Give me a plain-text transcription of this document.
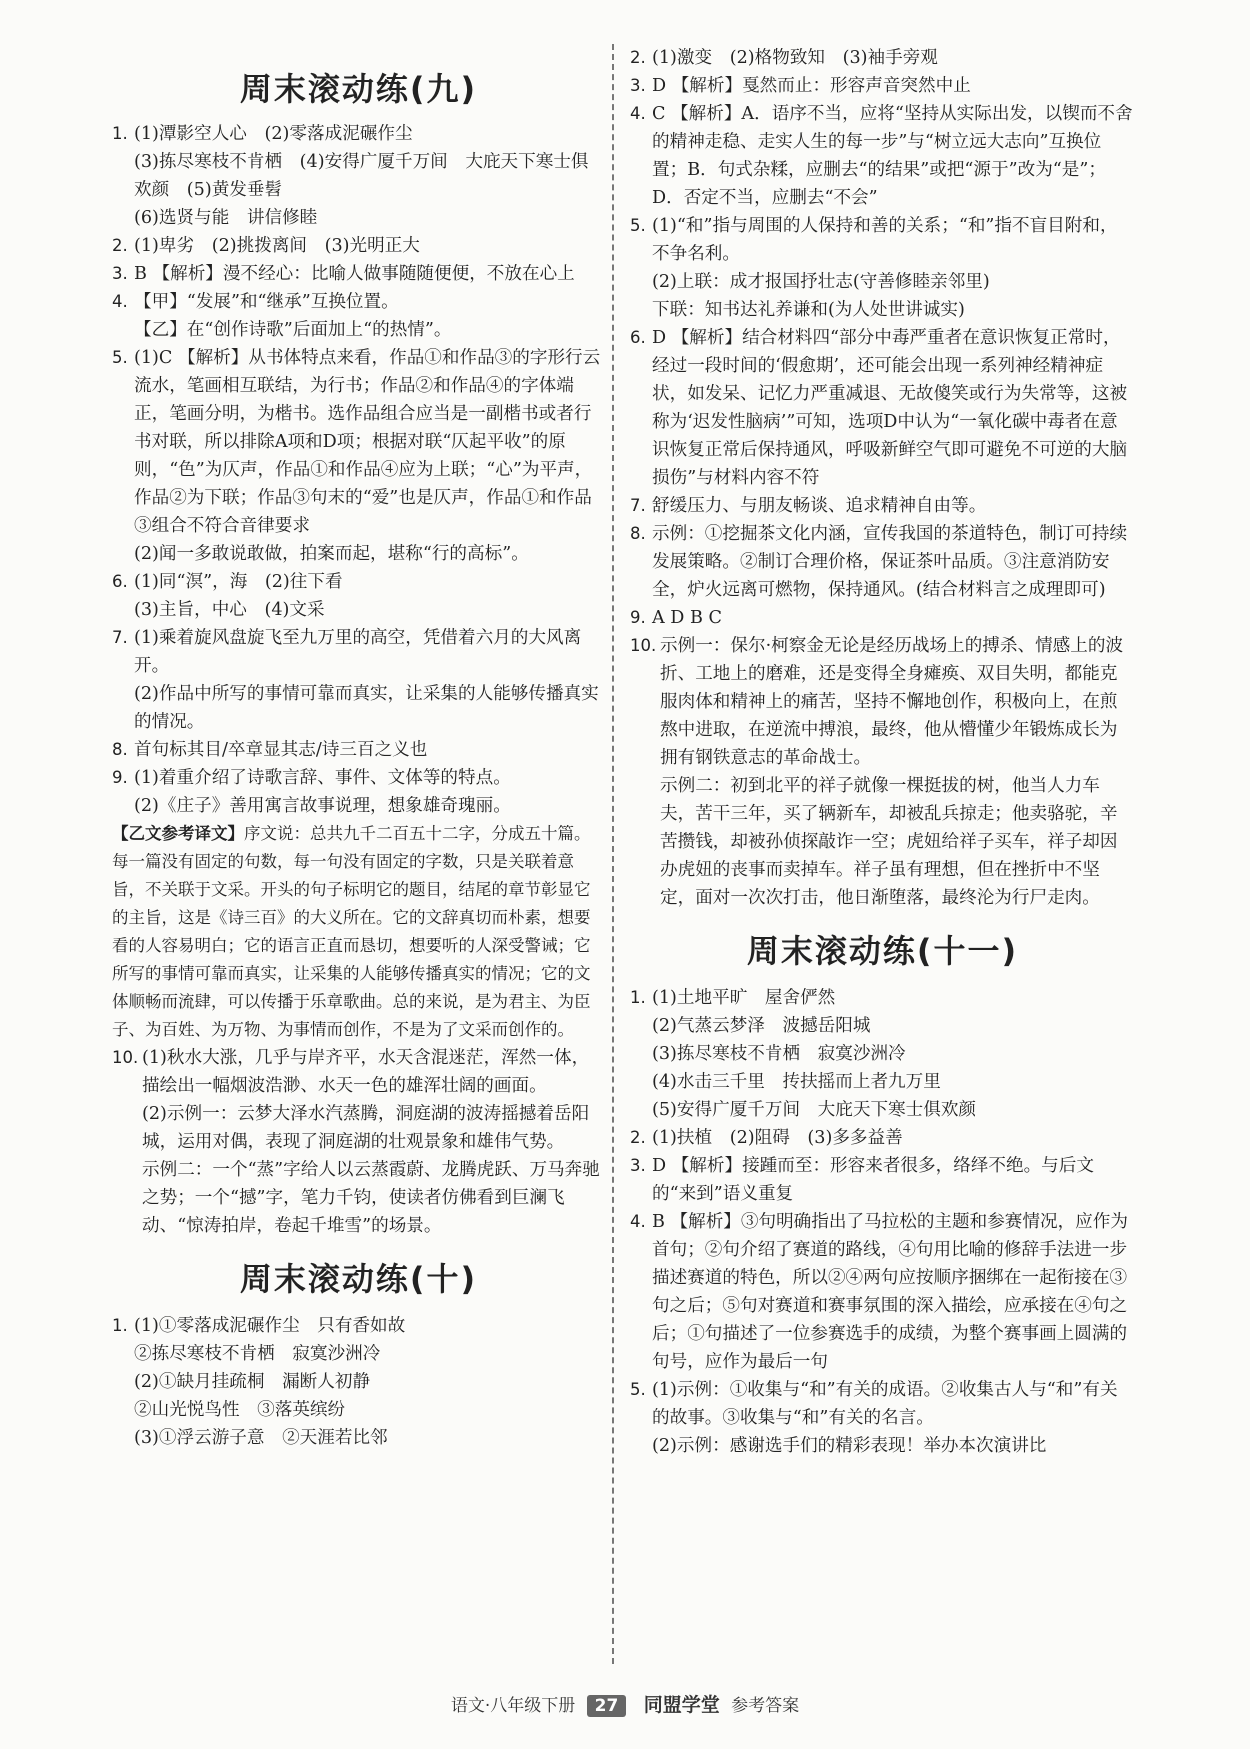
周末滚动练(九)
1. (1)潭影空人心　(2)零落成泥碾作尘
(3)拣尽寒枝不肯栖　(4)安得广厦千万间　大庇天下寒士俱欢颜　(5)黄发垂髫
(6)选贤与能　讲信修睦
2. (1)卑劣　(2)挑拨离间　(3)光明正大
3. B 【解析】漫不经心：比喻人做事随随便便，不放在心上
4. 【甲】“发展”和“继承”互换位置。
【乙】在“创作诗歌”后面加上“的热情”。
5. (1)C 【解析】从书体特点来看，作品①和作品③的字形行云流水，笔画相互联结，为行书；作品②和作品④的字体端正，笔画分明，为楷书。选作品组合应当是一副楷书或者行书对联，所以排除A项和D项；根据对联“仄起平收”的原则，“色”为仄声，作品①和作品④应为上联；“心”为平声，作品②为下联；作品③句末的“爱”也是仄声，作品①和作品③组合不符合音律要求
(2)闻一多敢说敢做，拍案而起，堪称“行的高标”。
6. (1)同“溟”，海　(2)往下看
(3)主旨，中心　(4)文采
7. (1)乘着旋风盘旋飞至九万里的高空，凭借着六月的大风离开。
(2)作品中所写的事情可靠而真实，让采集的人能够传播真实的情况。
8. 首句标其目/卒章显其志/诗三百之义也
9. (1)着重介绍了诗歌言辞、事件、文体等的特点。
(2)《庄子》善用寓言故事说理，想象雄奇瑰丽。

【乙文参考译文】序文说：总共九千二百五十二字，分成五十篇。每一篇没有固定的句数，每一句没有固定的字数，只是关联着意旨，不关联于文采。开头的句子标明它的题目，结尾的章节彰显它的主旨，这是《诗三百》的大义所在。它的文辞真切而朴素，想要看的人容易明白；它的语言正直而恳切，想要听的人深受警诫；它所写的事情可靠而真实，让采集的人能够传播真实的情况；它的文体顺畅而流肆，可以传播于乐章歌曲。总的来说，是为君主、为臣子、为百姓、为万物、为事情而创作，不是为了文采而创作的。

10. (1)秋水大涨，几乎与岸齐平，水天含混迷茫，浑然一体，描绘出一幅烟波浩渺、水天一色的雄浑壮阔的画面。
(2)示例一：云梦大泽水汽蒸腾，洞庭湖的波涛摇撼着岳阳城，运用对偶，表现了洞庭湖的壮观景象和雄伟气势。
示例二：一个“蒸”字给人以云蒸霞蔚、龙腾虎跃、万马奔驰之势；一个“撼”字，笔力千钧，使读者仿佛看到巨澜飞动、“惊涛拍岸，卷起千堆雪”的场景。
周末滚动练(十)
1. (1)①零落成泥碾作尘　只有香如故
②拣尽寒枝不肯栖　寂寞沙洲冷
(2)①缺月挂疏桐　漏断人初静
②山光悦鸟性　③落英缤纷
(3)①浮云游子意　②天涯若比邻
2. (1)激变　(2)格物致知　(3)袖手旁观
3. D 【解析】戛然而止：形容声音突然中止
4. C 【解析】A．语序不当，应将“坚持从实际出发，以锲而不舍的精神走稳、走实人生的每一步”与“树立远大志向”互换位置；B．句式杂糅，应删去“的结果”或把“源于”改为“是”；D．否定不当，应删去“不会”
5. (1)“和”指与周围的人保持和善的关系；“和”指不盲目附和，不争名利。
(2)上联：成才报国抒壮志(守善修睦亲邻里)
下联：知书达礼养谦和(为人处世讲诚实)
6. D 【解析】结合材料四“部分中毒严重者在意识恢复正常时，经过一段时间的‘假愈期’，还可能会出现一系列神经精神症状，如发呆、记忆力严重减退、无故傻笑或行为失常等，这被称为‘迟发性脑病’”可知，选项D中认为“一氧化碳中毒者在意识恢复正常后保持通风，呼吸新鲜空气即可避免不可逆的大脑损伤”与材料内容不符
7. 舒缓压力、与朋友畅谈、追求精神自由等。
8. 示例：①挖掘茶文化内涵，宣传我国的茶道特色，制订可持续发展策略。②制订合理价格，保证茶叶品质。③注意消防安全，炉火远离可燃物，保持通风。(结合材料言之成理即可)
9. A D B C
10. 示例一：保尔·柯察金无论是经历战场上的搏杀、情感上的波折、工地上的磨难，还是变得全身瘫痪、双目失明，都能克服肉体和精神上的痛苦，坚持不懈地创作，积极向上，在煎熬中进取，在逆流中搏浪，最终，他从懵懂少年锻炼成长为拥有钢铁意志的革命战士。
示例二：初到北平的祥子就像一棵挺拔的树，他当人力车夫，苦干三年，买了辆新车，却被乱兵掠走；他卖骆驼，辛苦攒钱，却被孙侦探敲诈一空；虎妞给祥子买车，祥子却因办虎妞的丧事而卖掉车。祥子虽有理想，但在挫折中不坚定，面对一次次打击，他日渐堕落，最终沦为行尸走肉。
周末滚动练(十一)
1. (1)土地平旷　屋舍俨然
(2)气蒸云梦泽　波撼岳阳城
(3)拣尽寒枝不肯栖　寂寞沙洲冷
(4)水击三千里　抟扶摇而上者九万里
(5)安得广厦千万间　大庇天下寒士俱欢颜
2. (1)扶植　(2)阻碍　(3)多多益善
3. D 【解析】接踵而至：形容来者很多，络绎不绝。与后文的“来到”语义重复
4. B 【解析】③句明确指出了马拉松的主题和参赛情况，应作为首句；②句介绍了赛道的路线，④句用比喻的修辞手法进一步描述赛道的特色，所以②④两句应按顺序捆绑在一起衔接在③句之后；⑤句对赛道和赛事氛围的深入描绘，应承接在④句之后；①句描述了一位参赛选手的成绩，为整个赛事画上圆满的句号，应作为最后一句
5. (1)示例：①收集与“和”有关的成语。②收集古人与“和”有关的故事。③收集与“和”有关的名言。
(2)示例：感谢选手们的精彩表现！举办本次演讲比
语文·八年级下册 27 同盟学堂 参考答案
